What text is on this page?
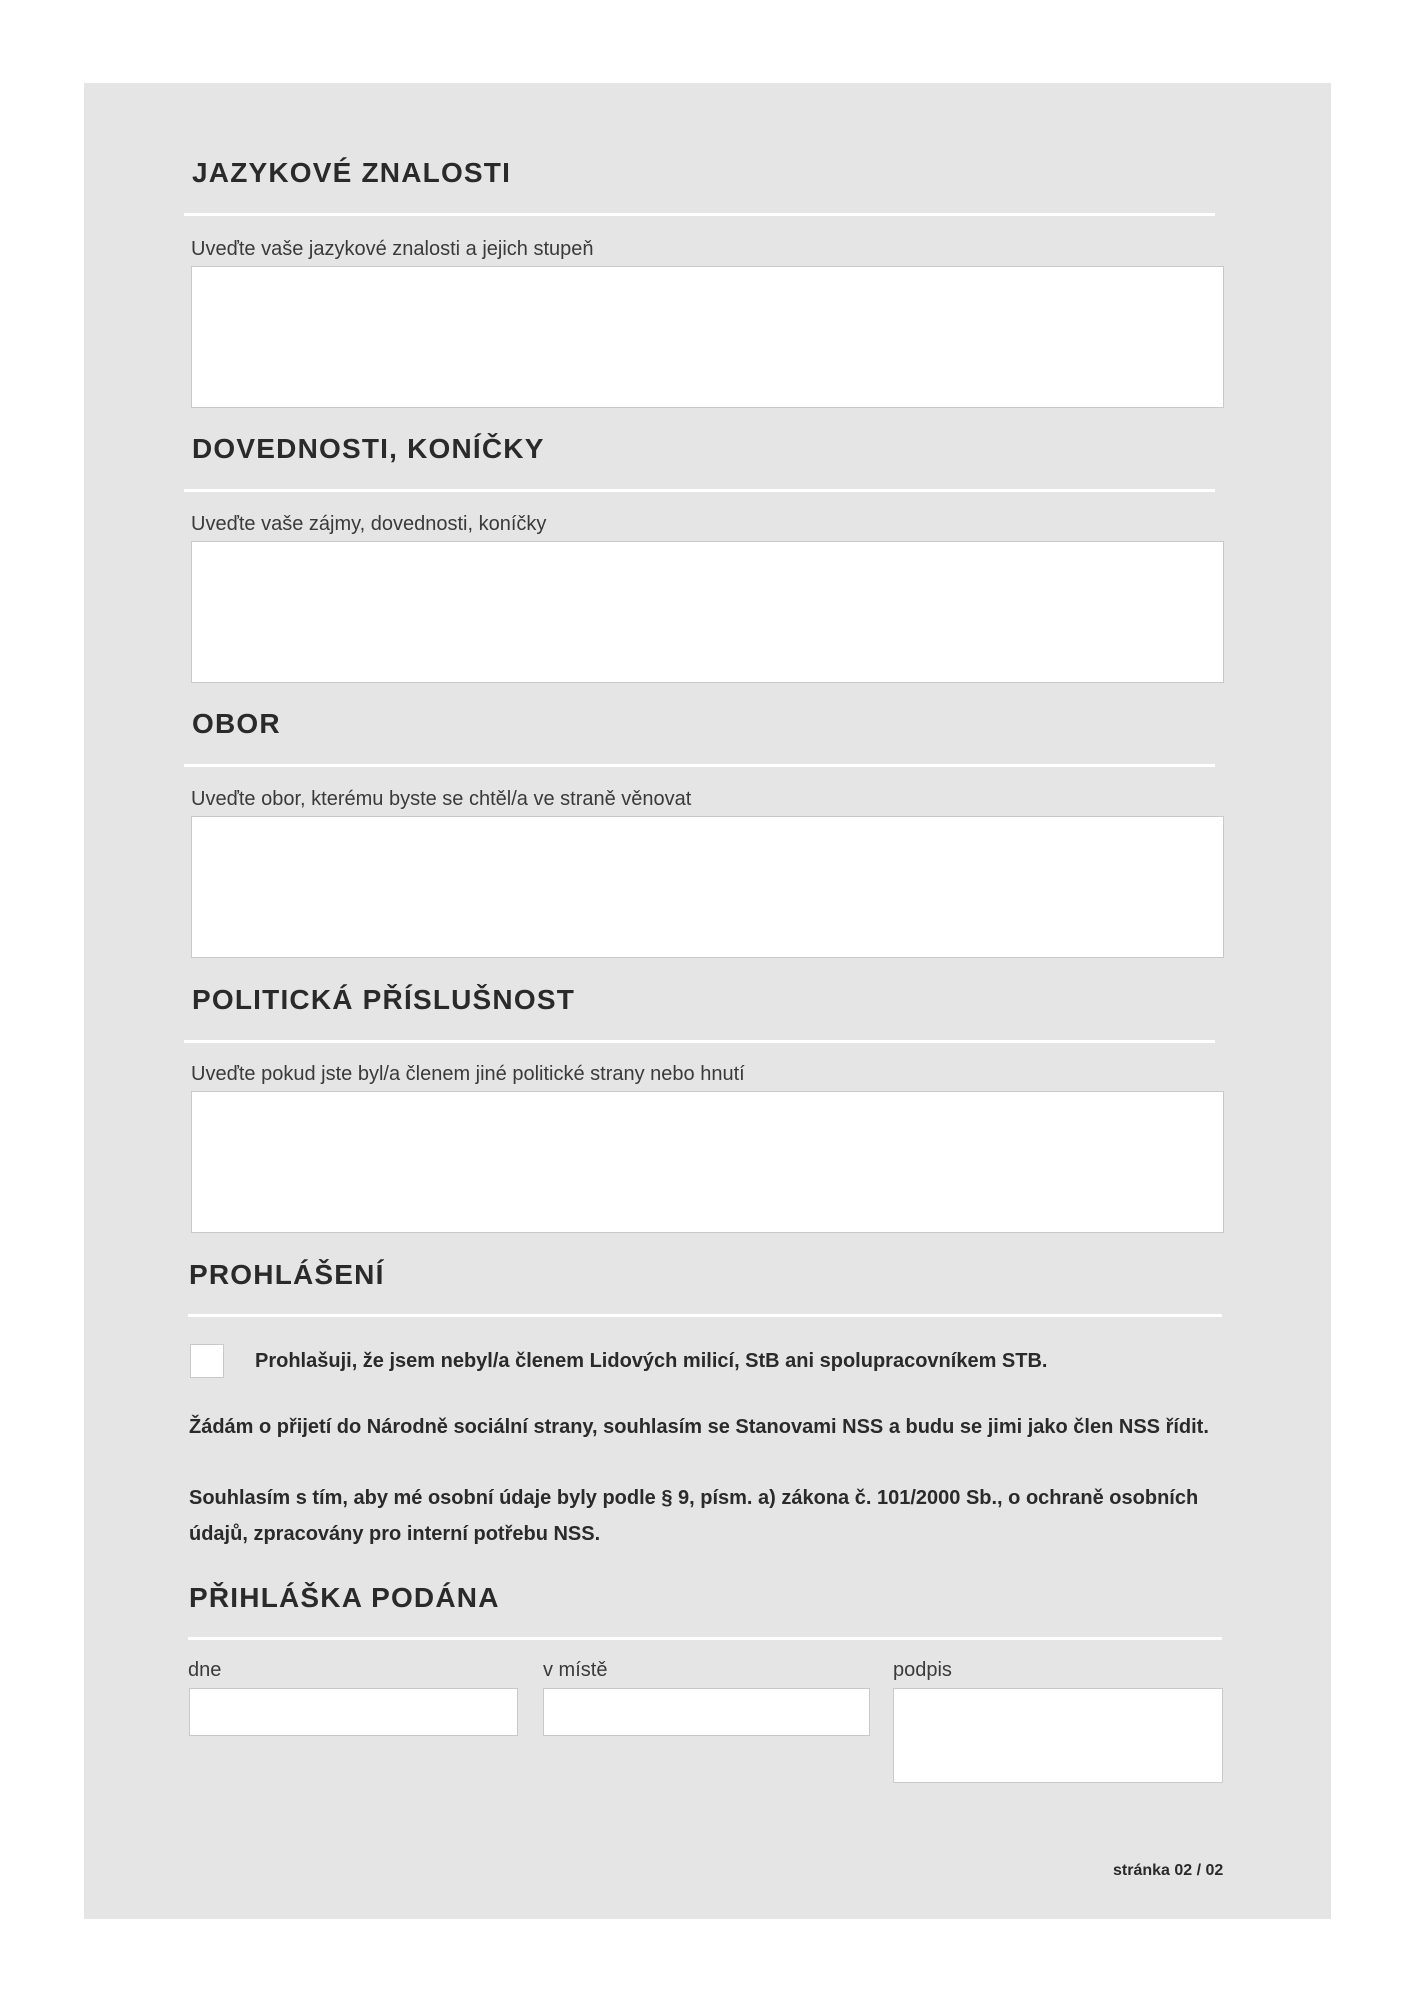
JAZYKOVÉ ZNALOSTI
Uveďte vaše jazykové znalosti a jejich stupeň
DOVEDNOSTI, KONÍČKY
Uveďte vaše zájmy, dovednosti, koníčky
OBOR
Uveďte obor, kterému byste se chtěl/a ve straně věnovat
POLITICKÁ PŘÍSLUŠNOST
Uveďte pokud jste byl/a členem jiné politické strany nebo hnutí
PROHLÁŠENÍ
Prohlašuji, že jsem nebyl/a členem Lidových milicí, StB ani spolupracovníkem STB.
Žádám o přijetí do Národně sociální strany, souhlasím se Stanovami NSS a budu se jimi jako člen NSS řídit.
Souhlasím s tím, aby mé osobní údaje byly podle § 9, písm. a) zákona č. 101/2000 Sb., o ochraně osobních
údajů, zpracovány pro interní potřebu NSS.
PŘIHLÁŠKA PODÁNA
dne	v místě	podpis
stránka 02 / 02
